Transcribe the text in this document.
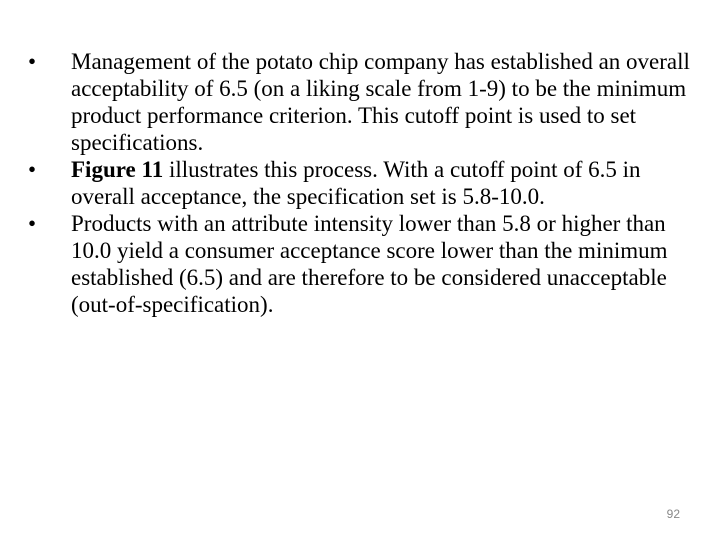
•	Management of the potato chip company has established an overall acceptability of 6.5 (on a liking scale from 1-9) to be the minimum product performance criterion. This cutoff point is used to set specifications.
•	Figure 11 illustrates this process. With a cutoff point of 6.5 in overall acceptance, the specification set is 5.8-10.0.
•	Products with an attribute intensity lower than 5.8 or higher than 10.0 yield a consumer acceptance score lower than the minimum established (6.5) and are therefore to be considered unacceptable (out-of-specification).
92
